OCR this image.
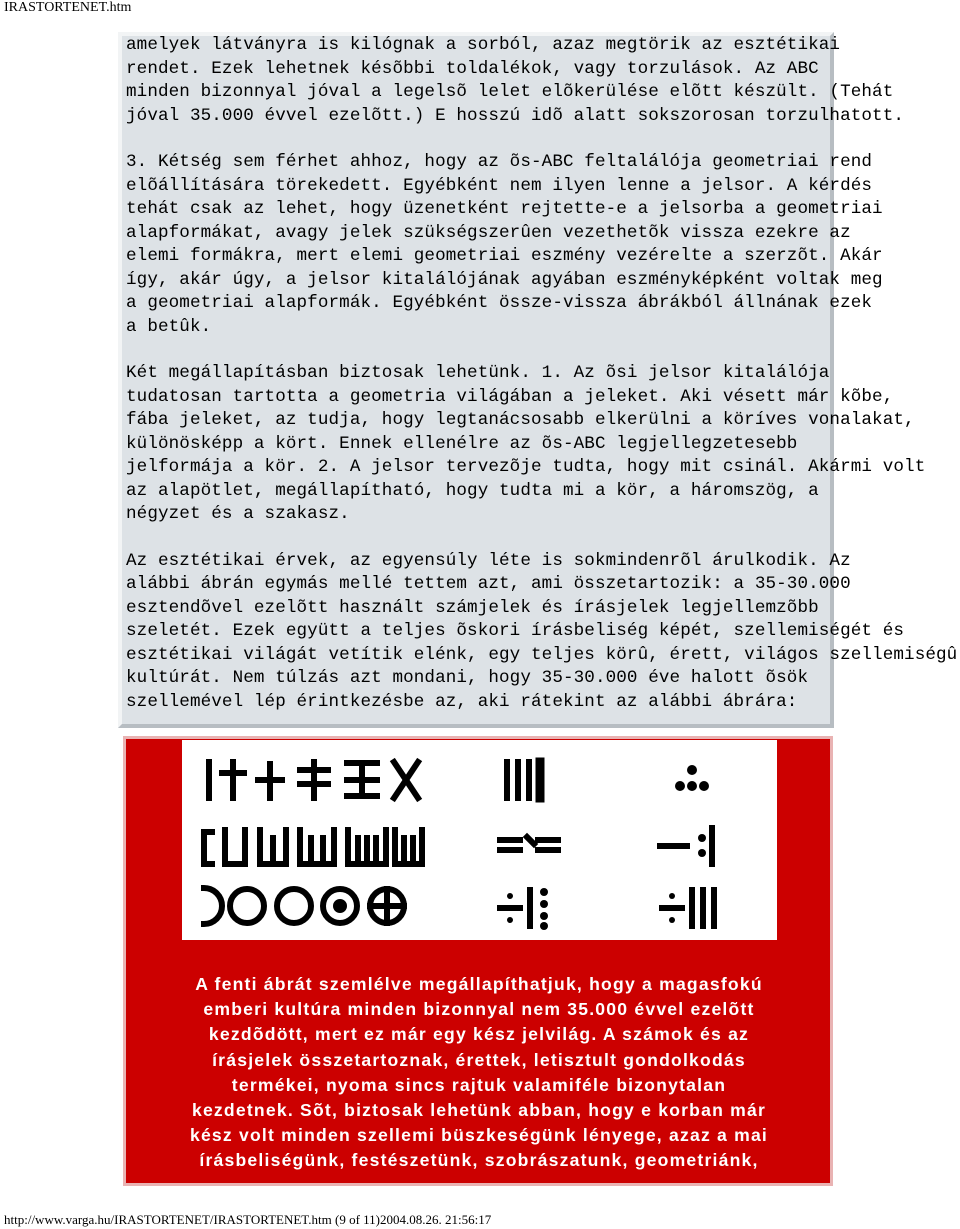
IRASTORTENET.htm

amelyek látványra is kilógnak a sorból, azaz megtörik az esztétikai
rendet. Ezek lehetnek késõbbi toldalékok, vagy torzulások. Az ABC
minden bizonnyal jóval a legelsõ lelet elõkerülése elõtt készült. (Tehát
jóval 35.000 évvel ezelõtt.) E hosszú idõ alatt sokszorosan torzulhatott.

3. Kétség sem férhet ahhoz, hogy az õs-ABC feltalálója geometriai rend
elõállítására törekedett. Egyébként nem ilyen lenne a jelsor. A kérdés
tehát csak az lehet, hogy üzenetként rejtette-e a jelsorba a geometriai
alapformákat, avagy jelek szükségszerûen vezethetõk vissza ezekre az
elemi formákra, mert elemi geometriai eszmény vezérelte a szerzõt. Akár
így, akár úgy, a jelsor kitalálójának agyában eszményképként voltak meg
a geometriai alapformák. Egyébként össze-vissza ábrákból állnának ezek
a betûk.

Két megállapításban biztosak lehetünk. 1. Az õsi jelsor kitalálója
tudatosan tartotta a geometria világában a jeleket. Aki vésett már kõbe,
fába jeleket, az tudja, hogy legtanácsosabb elkerülni a köríves vonalakat,
különösképp a kört. Ennek ellenélre az õs-ABC legjellegzetesebb
jelformája a kör. 2. A jelsor tervezõje tudta, hogy mit csinál. Akármi volt
az alapötlet, megállapítható, hogy tudta mi a kör, a háromszög, a
négyzet és a szakasz.

Az esztétikai érvek, az egyensúly léte is sokmindenrõl árulkodik. Az
alábbi ábrán egymás mellé tettem azt, ami összetartozik: a 35-30.000
esztendõvel ezelõtt használt számjelek és írásjelek legjellemzõbb
szeletét. Ezek együtt a teljes õskori írásbeliség képét, szellemiségét és
esztétikai világát vetítik elénk, egy teljes körû, érett, világos szellemiségû
kultúrát. Nem túlzás azt mondani, hogy 35-30.000 éve halott õsök
szellemével lép érintkezésbe az, aki rátekint az alábbi ábrára:

A fenti ábrát szemlélve megállapíthatjuk, hogy a magasfokú
emberi kultúra minden bizonnyal nem 35.000 évvel ezelõtt
kezdõdött, mert ez már egy kész jelvilág. A számok és az
írásjelek összetartoznak, érettek, letisztult gondolkodás
termékei, nyoma sincs rajtuk valamiféle bizonytalan
kezdetnek. Sõt, biztosak lehetünk abban, hogy e korban már
kész volt minden szellemi büszkeségünk lényege, azaz a mai
írásbeliségünk, festészetünk, szobrászatunk, geometriánk,
http://www.varga.hu/IRASTORTENET/IRASTORTENET.htm (9 of 11)2004.08.26. 21:56:17
